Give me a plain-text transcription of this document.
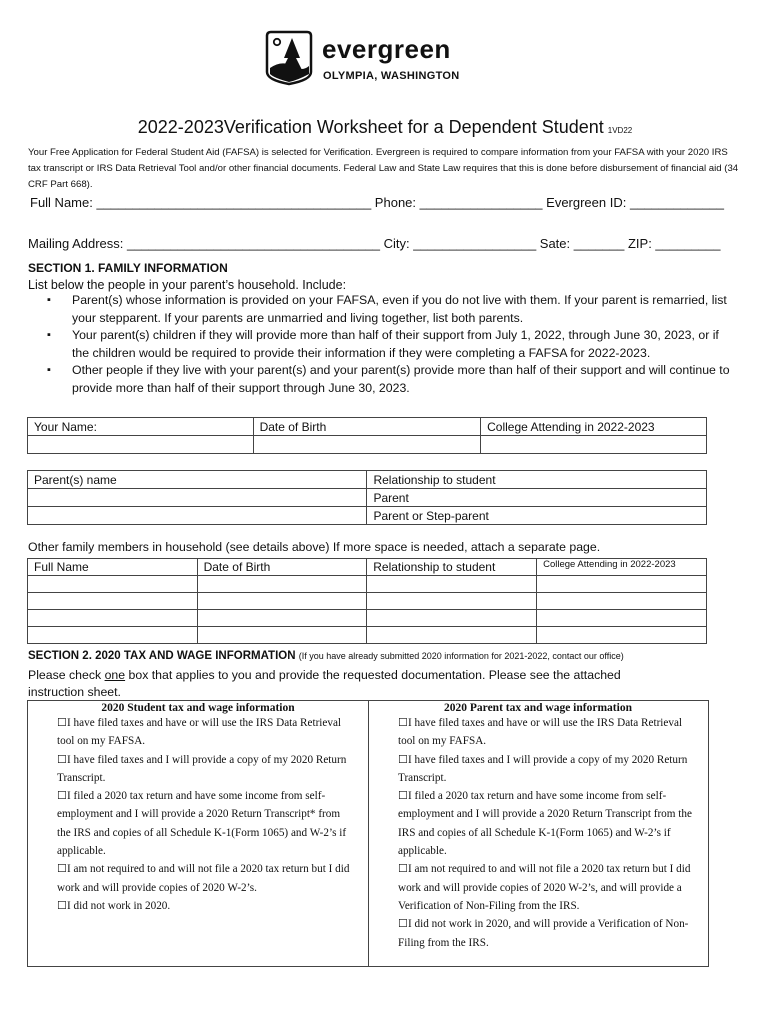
evergreen
OLYMPIA, WASHINGTON
2022-2023Verification Worksheet for a Dependent Student 1VD22
Your Free Application for Federal Student Aid (FAFSA) is selected for Verification. Evergreen is required to compare information from your FAFSA with your 2020 IRS tax transcript or IRS Data Retrieval Tool and/or other financial documents. Federal Law and State Law requires that this is done before disbursement of financial aid (34 CRF Part 668).
Full Name: ______________________________________ Phone: _________________ Evergreen ID: _____________
Mailing Address: ___________________________________ City: _________________ Sate: _______ ZIP: _________
SECTION 1. FAMILY INFORMATION
List below the people in your parent’s household. Include:
▪ Parent(s) whose information is provided on your FAFSA, even if you do not live with them. If your parent is remarried, list your stepparent. If your parents are unmarried and living together, list both parents.
▪ Your parent(s) children if they will provide more than half of their support from July 1, 2022, through June 30, 2023, or if the children would be required to provide their information if they were completing a FAFSA for 2022-2023.
▪ Other people if they live with your parent(s) and your parent(s) provide more than half of their support and will continue to provide more than half of their support through June 30, 2023.
Your Name:	Date of Birth	College Attending in 2022-2023

Parent(s) name	Relationship to student
	Parent
	Parent or Step-parent
Other family members in household (see details above) If more space is needed, attach a separate page.
Full Name	Date of Birth	Relationship to student	College Attending in 2022-2023

SECTION 2. 2020 TAX AND WAGE INFORMATION (If you have already submitted 2020 information for 2021-2022, contact our office)
Please check one box that applies to you and provide the requested documentation. Please see the attached instruction sheet.
2020 Student tax and wage information
☐I have filed taxes and have or will use the IRS Data Retrieval tool on my FAFSA.
☐I have filed taxes and I will provide a copy of my 2020 Return Transcript.
☐I filed a 2020 tax return and have some income from self-employment and I will provide a 2020 Return Transcript* from the IRS and copies of all Schedule K-1(Form 1065) and W-2’s if applicable.
☐I am not required to and will not file a 2020 tax return but I did work and will provide copies of 2020 W-2’s.
☐I did not work in 2020.
2020 Parent tax and wage information
☐I have filed taxes and have or will use the IRS Data Retrieval tool on my FAFSA.
☐I have filed taxes and I will provide a copy of my 2020 Return Transcript.
☐I filed a 2020 tax return and have some income from self-employment and I will provide a 2020 Return Transcript from the IRS and copies of all Schedule K-1(Form 1065) and W-2’s if applicable.
☐I am not required to and will not file a 2020 tax return but I did work and will provide copies of 2020 W-2’s, and will provide a Verification of Non-Filing from the IRS.
☐I did not work in 2020, and will provide a Verification of Non-Filing from the IRS.
